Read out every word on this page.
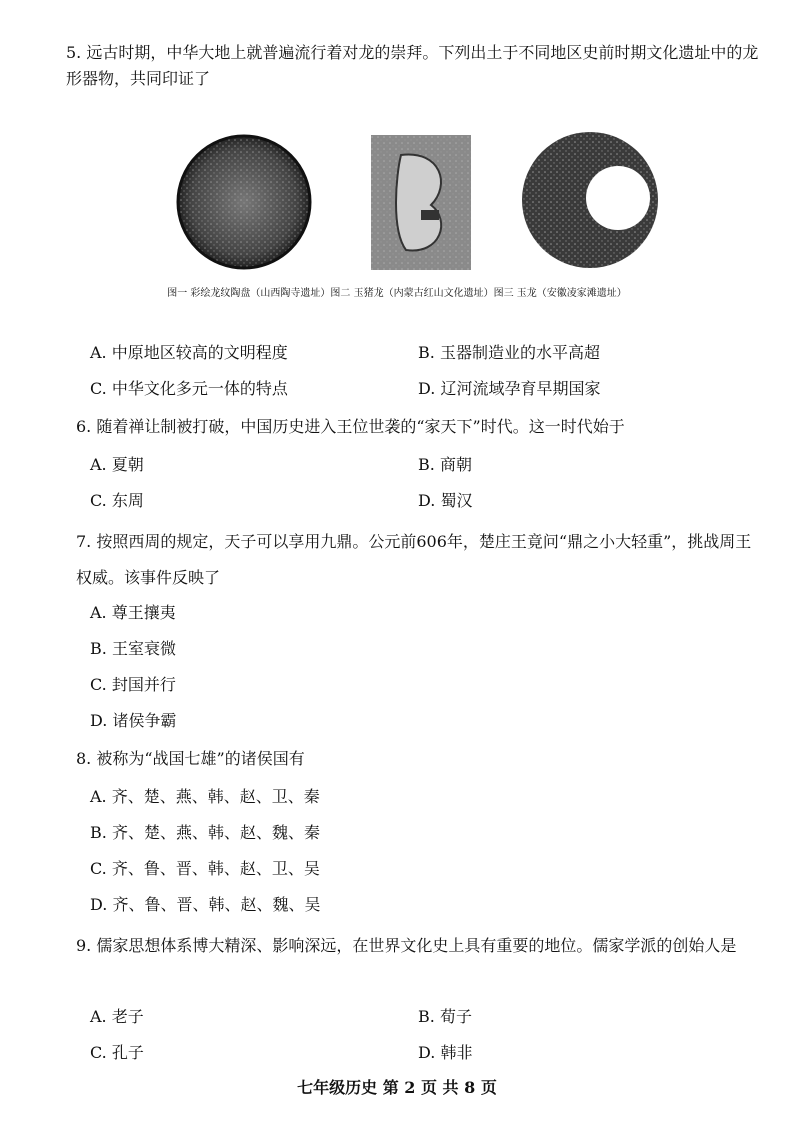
5. 远古时期，中华大地上就普遍流行着对龙的崇拜。下列出土于不同地区史前时期文化遗址中的龙形器物，共同印证了

图一 彩绘龙纹陶盘（山西陶寺遗址）图二 玉猪龙（内蒙古红山文化遗址）图三 玉龙（安徽凌家滩遗址）
A. 中原地区较高的文明程度	B. 玉器制造业的水平高超
C. 中华文化多元一体的特点	D. 辽河流域孕育早期国家

6. 随着禅让制被打破，中国历史进入王位世袭的“家天下”时代。这一时代始于

A. 夏朝	B. 商朝
C. 东周	D. 蜀汉

7. 按照西周的规定，天子可以享用九鼎。公元前606年，楚庄王竟问“鼎之小大轻重”，挑战周王权威。该事件反映了

A. 尊王攘夷
B. 王室衰微
C. 封国并行
D. 诸侯争霸

8. 被称为“战国七雄”的诸侯国有

A. 齐、楚、燕、韩、赵、卫、秦
B. 齐、楚、燕、韩、赵、魏、秦
C. 齐、鲁、晋、韩、赵、卫、吴
D. 齐、鲁、晋、韩、赵、魏、吴

9. 儒家思想体系博大精深、影响深远，在世界文化史上具有重要的地位。儒家学派的创始人是

A. 老子	B. 荀子
C. 孔子	D. 韩非
七年级历史 第 2 页 共 8 页
